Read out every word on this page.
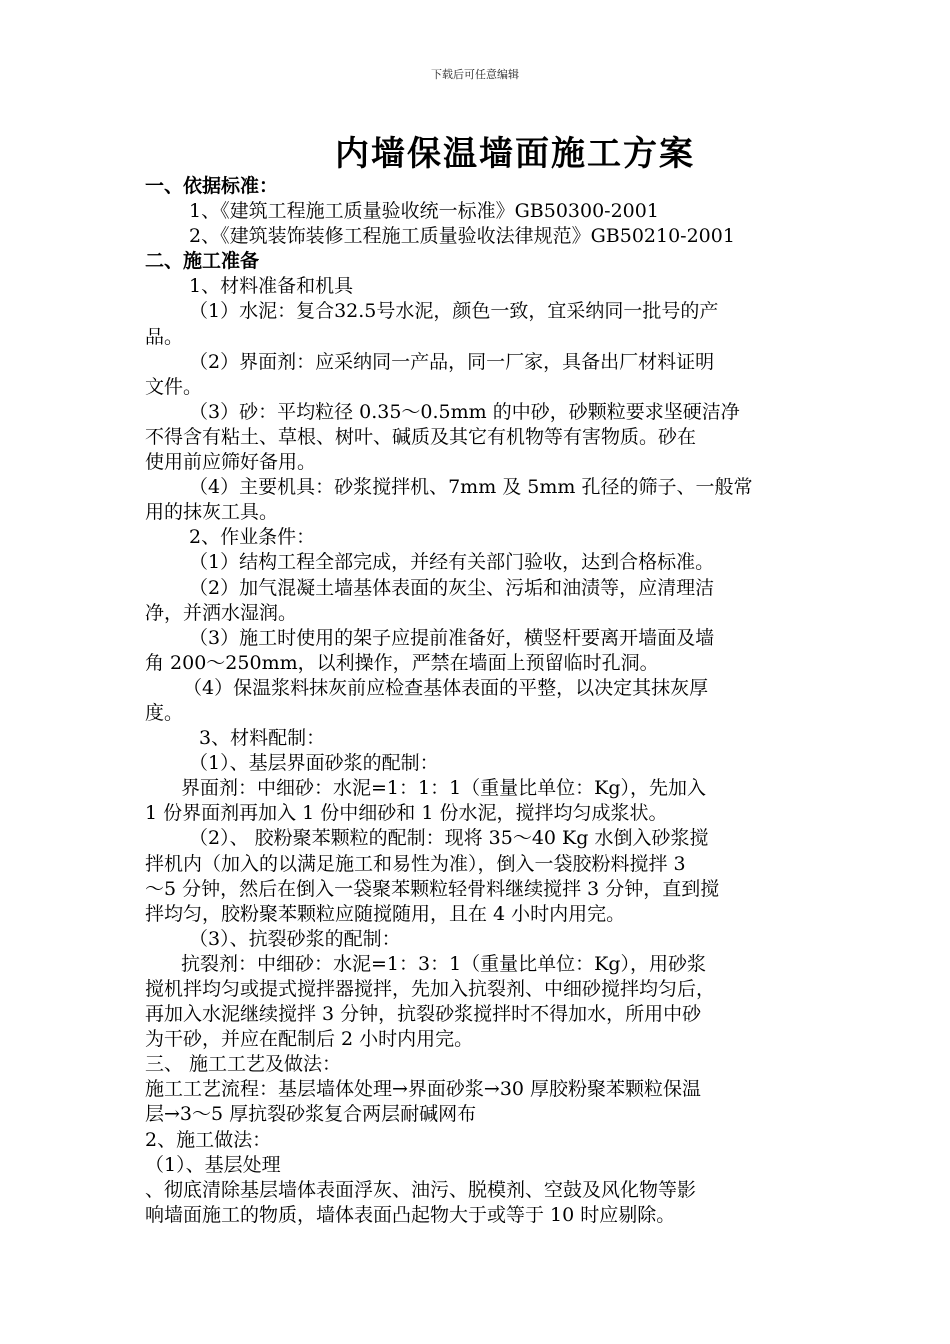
下载后可任意编辑
内墙保温墙面施工方案
一、依据标准：
1、《建筑工程施工质量验收统一标准》GB50300-2001
2、《建筑装饰装修工程施工质量验收法律规范》GB50210-2001
二、施工准备
1、材料准备和机具
（1）水泥：复合32.5号水泥，颜色一致，宜采纳同一批号的产
品。
（2）界面剂：应采纳同一产品，同一厂家，具备出厂材料证明
文件。
（3）砂：平均粒径 0.35～0.5mm 的中砂，砂颗粒要求坚硬洁净
不得含有粘土、草根、树叶、碱质及其它有机物等有害物质。砂在
使用前应筛好备用。
（4）主要机具：砂浆搅拌机、7mm 及 5mm 孔径的筛子、一般常
用的抹灰工具。
2、作业条件：
（1）结构工程全部完成，并经有关部门验收，达到合格标准。
（2）加气混凝土墙基体表面的灰尘、污垢和油渍等，应清理洁
净，并洒水湿润。
（3）施工时使用的架子应提前准备好，横竖杆要离开墙面及墙
角 200～250mm，以利操作，严禁在墙面上预留临时孔洞。
（4）保温浆料抹灰前应检查基体表面的平整，以决定其抹灰厚
度。
3、材料配制：
（1）、基层界面砂浆的配制：
界面剂：中细砂：水泥=1：1：1（重量比单位：Kg），先加入
1 份界面剂再加入 1 份中细砂和 1 份水泥，搅拌均匀成浆状。
（2）、 胶粉聚苯颗粒的配制：现将 35～40 Kg 水倒入砂浆搅
拌机内（加入的以满足施工和易性为准），倒入一袋胶粉料搅拌 3
～5 分钟，然后在倒入一袋聚苯颗粒轻骨料继续搅拌 3 分钟，直到搅
拌均匀，胶粉聚苯颗粒应随搅随用，且在 4 小时内用完。
（3）、抗裂砂浆的配制：
抗裂剂：中细砂：水泥=1：3：1（重量比单位：Kg），用砂浆
搅机拌均匀或提式搅拌器搅拌，先加入抗裂剂、中细砂搅拌均匀后，
再加入水泥继续搅拌 3 分钟，抗裂砂浆搅拌时不得加水，所用中砂
为干砂，并应在配制后 2 小时内用完。
三、 施工工艺及做法：
施工工艺流程：基层墙体处理→界面砂浆→30 厚胶粉聚苯颗粒保温
层→3～5 厚抗裂砂浆复合两层耐碱网布
2、施工做法：
（1）、基层处理
、彻底清除基层墙体表面浮灰、油污、脱模剂、空鼓及风化物等影
响墙面施工的物质，墙体表面凸起物大于或等于 10 时应剔除。
